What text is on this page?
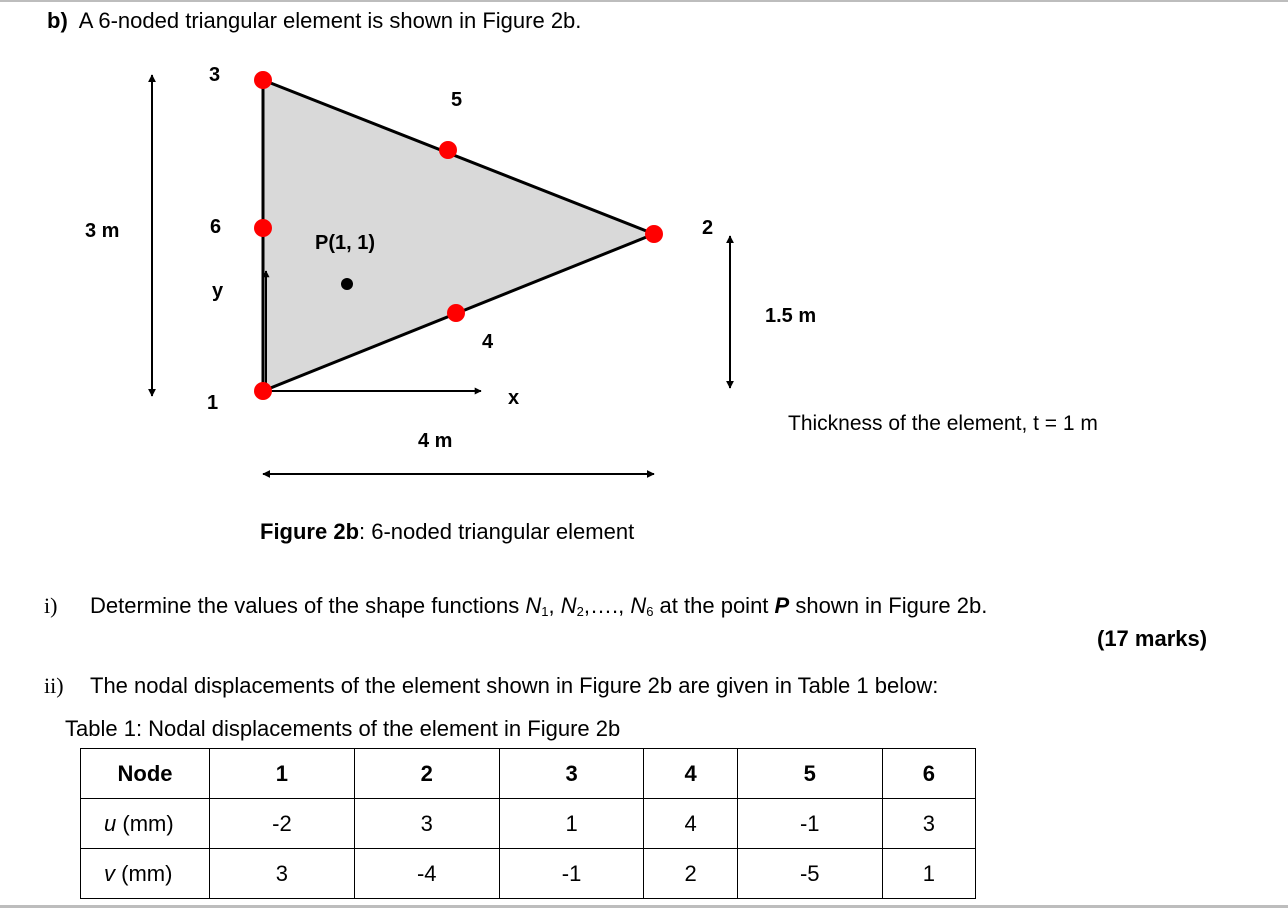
b) A 6-noded triangular element is shown in Figure 2b.
1
2
3
4
5
6
P(1, 1)
x
y
3 m
1.5 m
4 m
Thickness of the element, t = 1 m
Figure 2b: 6-noded triangular element
i) Determine the values of the shape functions $N_1$, $N_2,\dots$., $N_6$ at the point P shown in Figure 2b.
(17 marks)
ii) The nodal displacements of the element shown in Figure 2b are given in Table 1 below:
Table 1: Nodal displacements of the element in Figure 2b
Node	1	2	3	4	5	6
u (mm)	-2	3	1	4	-1	3
v (mm)	3	-4	-1	2	-5	1
